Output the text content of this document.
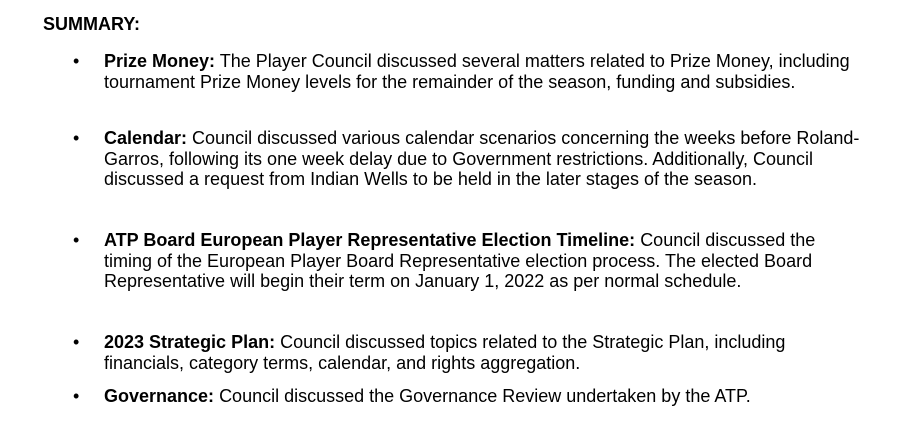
SUMMARY:
• Prize Money: The Player Council discussed several matters related to Prize Money, including tournament Prize Money levels for the remainder of the season, funding and subsidies.
• Calendar: Council discussed various calendar scenarios concerning the weeks before Roland-Garros, following its one week delay due to Government restrictions. Additionally, Council discussed a request from Indian Wells to be held in the later stages of the season.
• ATP Board European Player Representative Election Timeline: Council discussed the timing of the European Player Board Representative election process. The elected Board Representative will begin their term on January 1, 2022 as per normal schedule.
• 2023 Strategic Plan: Council discussed topics related to the Strategic Plan, including financials, category terms, calendar, and rights aggregation.
• Governance: Council discussed the Governance Review undertaken by the ATP.
